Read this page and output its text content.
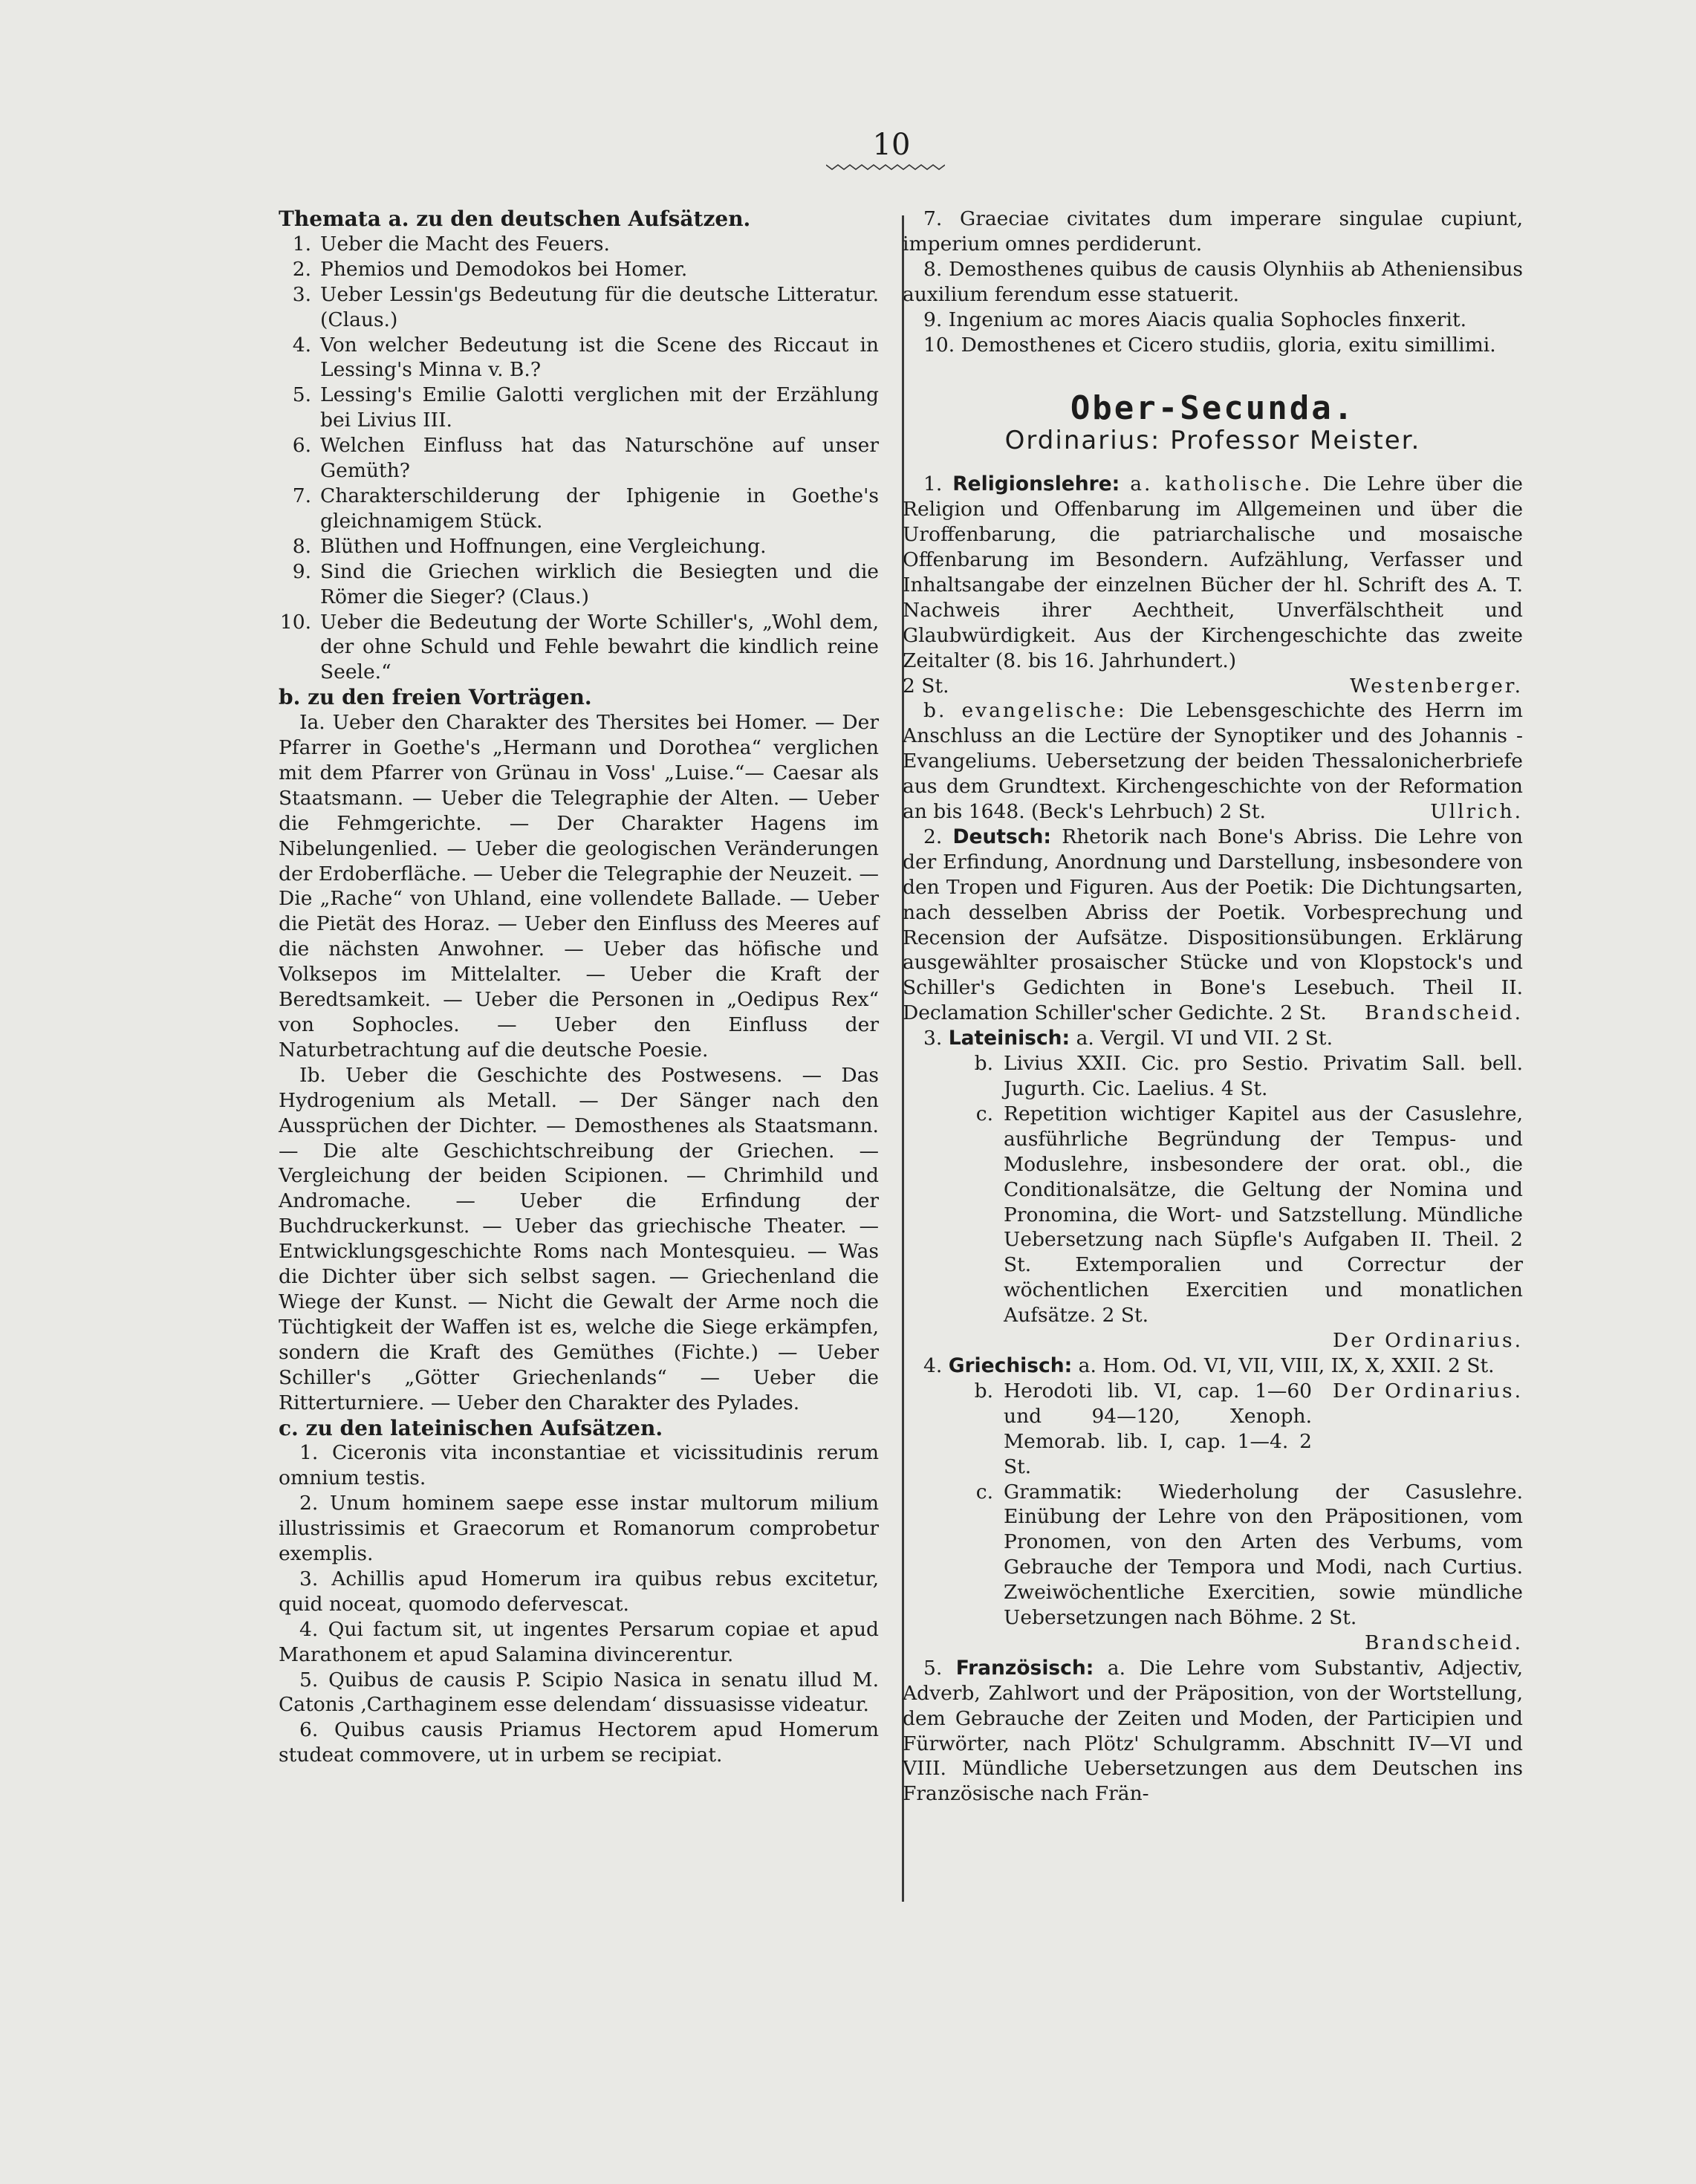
10

Themata a. zu den deutschen Aufsätzen.

1. Ueber die Macht des Feuers.
2. Phemios und Demodokos bei Homer.
3. Ueber Lessin'gs Bedeutung für die deutsche Litteratur. (Claus.)
4. Von welcher Bedeutung ist die Scene des Riccaut in Lessing's Minna v. B.?
5. Lessing's Emilie Galotti verglichen mit der Erzählung bei Livius III.
6. Welchen Einfluss hat das Naturschöne auf unser Gemüth?
7. Charakterschilderung der Iphigenie in Goethe's gleichnamigem Stück.
8. Blüthen und Hoffnungen, eine Vergleichung.
9. Sind die Griechen wirklich die Besiegten und die Römer die Sieger? (Claus.)
10. Ueber die Bedeutung der Worte Schiller's, „Wohl dem, der ohne Schuld und Fehle bewahrt die kindlich reine Seele.“

b. zu den freien Vorträgen.

Ia. Ueber den Charakter des Thersites bei Homer. — Der Pfarrer in Goethe's „Hermann und Dorothea“ verglichen mit dem Pfarrer von Grünau in Voss' „Luise.“— Caesar als Staatsmann. — Ueber die Telegraphie der Alten. — Ueber die Fehmgerichte. — Der Charakter Hagens im Nibelungenlied. — Ueber die geologischen Veränderungen der Erdoberfläche. — Ueber die Telegraphie der Neuzeit. — Die „Rache“ von Uhland, eine vollendete Ballade. — Ueber die Pietät des Horaz. — Ueber den Einfluss des Meeres auf die nächsten Anwohner. — Ueber das höfische und Volksepos im Mittelalter. — Ueber die Kraft der Beredtsamkeit. — Ueber die Personen in „Oedipus Rex“ von Sophocles. — Ueber den Einfluss der Naturbetrachtung auf die deutsche Poesie.

Ib. Ueber die Geschichte des Postwesens. — Das Hydrogenium als Metall. — Der Sänger nach den Aussprüchen der Dichter. — Demosthenes als Staatsmann. — Die alte Geschichtschreibung der Griechen. — Vergleichung der beiden Scipionen. — Chrimhild und Andromache. — Ueber die Erfindung der Buchdruckerkunst. — Ueber das griechische Theater. — Entwicklungsgeschichte Roms nach Montesquieu. — Was die Dichter über sich selbst sagen. — Griechenland die Wiege der Kunst. — Nicht die Gewalt der Arme noch die Tüchtigkeit der Waffen ist es, welche die Siege erkämpfen, sondern die Kraft des Gemüthes (Fichte.) — Ueber Schiller's „Götter Griechenlands“ — Ueber die Ritterturniere. — Ueber den Charakter des Pylades.

c. zu den lateinischen Aufsätzen.

1. Ciceronis vita inconstantiae et vicissitudinis rerum omnium testis.

2. Unum hominem saepe esse instar multorum milium illustrissimis et Graecorum et Romanorum comprobetur exemplis.

3. Achillis apud Homerum ira quibus rebus excitetur, quid noceat, quomodo defervescat.

4. Qui factum sit, ut ingentes Persarum copiae et apud Marathonem et apud Salamina divincerentur.

5. Quibus de causis P. Scipio Nasica in senatu illud M. Catonis ‚Carthaginem esse delendam‘ dissuasisse videatur.

6. Quibus causis Priamus Hectorem apud Homerum studeat commovere, ut in urbem se recipiat.

7. Graeciae civitates dum imperare singulae cupiunt, imperium omnes perdiderunt.

8. Demosthenes quibus de causis Olynhiis ab Atheniensibus auxilium ferendum esse statuerit.

9. Ingenium ac mores Aiacis qualia Sophocles finxerit.

10. Demosthenes et Cicero studiis, gloria, exitu simillimi.

Ober-Secunda.
Ordinarius: Professor Meister.

1. Religionslehre: a. katholische. Die Lehre über die Religion und Offenbarung im Allgemeinen und über die Uroffenbarung, die patriarchalische und mosaische Offenbarung im Besondern. Aufzählung, Verfasser und Inhaltsangabe der einzelnen Bücher der hl. Schrift des A. T. Nachweis ihrer Aechtheit, Unverfälschtheit und Glaubwürdigkeit. Aus der Kirchengeschichte das zweite Zeitalter (8. bis 16. Jahrhundert.)

2 St.	Westenberger.

b. evangelische: Die Lebensgeschichte des Herrn im Anschluss an die Lectüre der Synoptiker und des Johannis - Evangeliums. Uebersetzung der beiden Thessalonicherbriefe aus dem Grundtext. Kirchengeschichte von der Reformation an bis 1648. (Beck's Lehrbuch) 2 St.	Ullrich.

2. Deutsch: Rhetorik nach Bone's Abriss. Die Lehre von der Erfindung, Anordnung und Darstellung, insbesondere von den Tropen und Figuren. Aus der Poetik: Die Dichtungsarten, nach desselben Abriss der Poetik. Vorbesprechung und Recension der Aufsätze. Dispositionsübungen. Erklärung ausgewählter prosaischer Stücke und von Klopstock's und Schiller's Gedichten in Bone's Lesebuch. Theil II. Declamation Schiller'scher Gedichte. 2 St.	Brandscheid.

3. Lateinisch: a. Vergil. VI und VII. 2 St.

b. Livius XXII. Cic. pro Sestio. Privatim Sall. bell. Jugurth. Cic. Laelius. 4 St.
c. Repetition wichtiger Kapitel aus der Casuslehre, ausführliche Begründung der Tempus- und Moduslehre, insbesondere der orat. obl., die Conditionalsätze, die Geltung der Nomina und Pronomina, die Wort- und Satzstellung. Mündliche Uebersetzung nach Süpfle's Aufgaben II. Theil. 2 St. Extemporalien und Correctur der wöchentlichen Exercitien und monatlichen Aufsätze. 2 St.

Der Ordinarius.

4. Griechisch: a. Hom. Od. VI, VII, VIII, IX, X, XXII. 2 St.
Der Ordinarius.

b. Herodoti lib. VI, cap. 1—60 und 94—120, Xenoph. Memorab. lib. I, cap. 1—4. 2 St.
c. Grammatik: Wiederholung der Casuslehre. Einübung der Lehre von den Präpositionen, vom Pronomen, von den Arten des Verbums, vom Gebrauche der Tempora und Modi, nach Curtius. Zweiwöchentliche Exercitien, sowie mündliche Uebersetzungen nach Böhme. 2 St.

Brandscheid.

5. Französisch: a. Die Lehre vom Substantiv, Adjectiv, Adverb, Zahlwort und der Präposition, von der Wortstellung, dem Gebrauche der Zeiten und Moden, der Participien und Fürwörter, nach Plötz' Schulgramm. Abschnitt IV—VI und VIII. Mündliche Uebersetzungen aus dem Deutschen ins Französische nach Frän-
